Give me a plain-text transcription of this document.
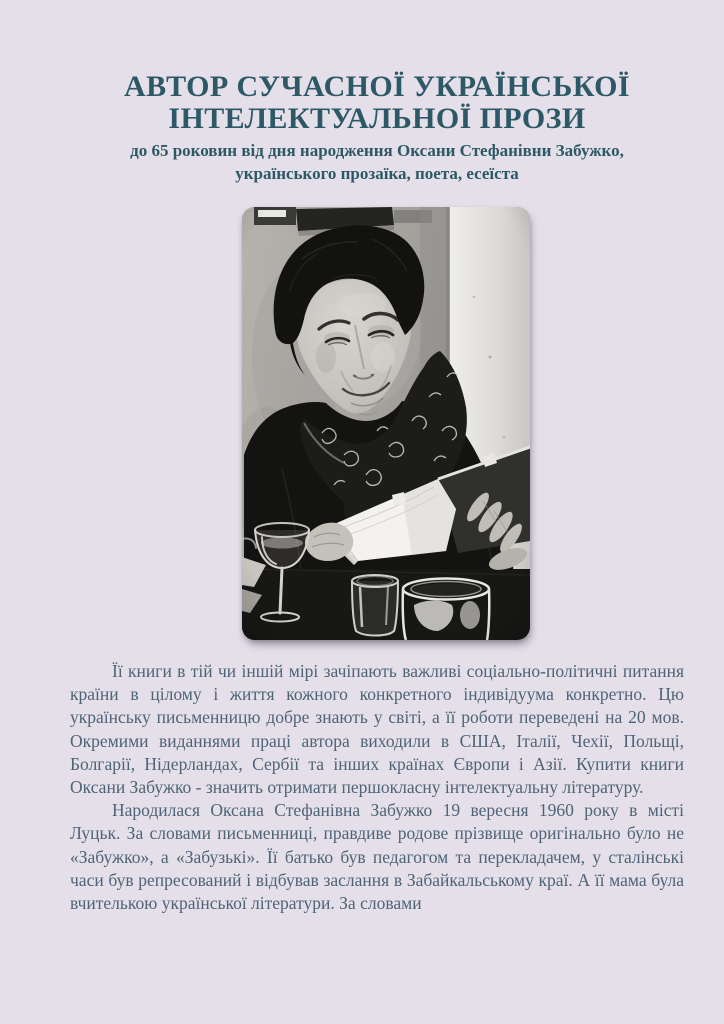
АВТОР СУЧАСНОЇ УКРАЇНСЬКОЇ
ІНТЕЛЕКТУАЛЬНОЇ ПРОЗИ
до 65 роковин від дня народження Оксани Стефанівни Забужко,
українського прозаїка, поета, есеїста

Її книги в тій чи іншій мірі зачіпають важливі соціально-політичні питання країни в цілому і життя кожного конкретного індивідуума конкретно. Цю українську письменницю добре знають у світі, а її роботи переведені на 20 мов. Окремими виданнями праці автора виходили в США, Італії, Чехії, Польщі, Болгарії, Нідерландах, Сербії та інших країнах Європи і Азії. Купити книги Оксани Забужко - значить отримати першокласну інтелектуальну літературу.

Народилася Оксана Стефанівна Забужко 19 вересня 1960 року в місті Луцьк. За словами письменниці, правдиве родове прізвище оригінально було не «Забужко», а «Забузькі». Її батько був педагогом та перекладачем, у сталінські часи був репресований і відбував заслання в Забайкальському краї. А її мама була вчителькою української літератури. За словами
